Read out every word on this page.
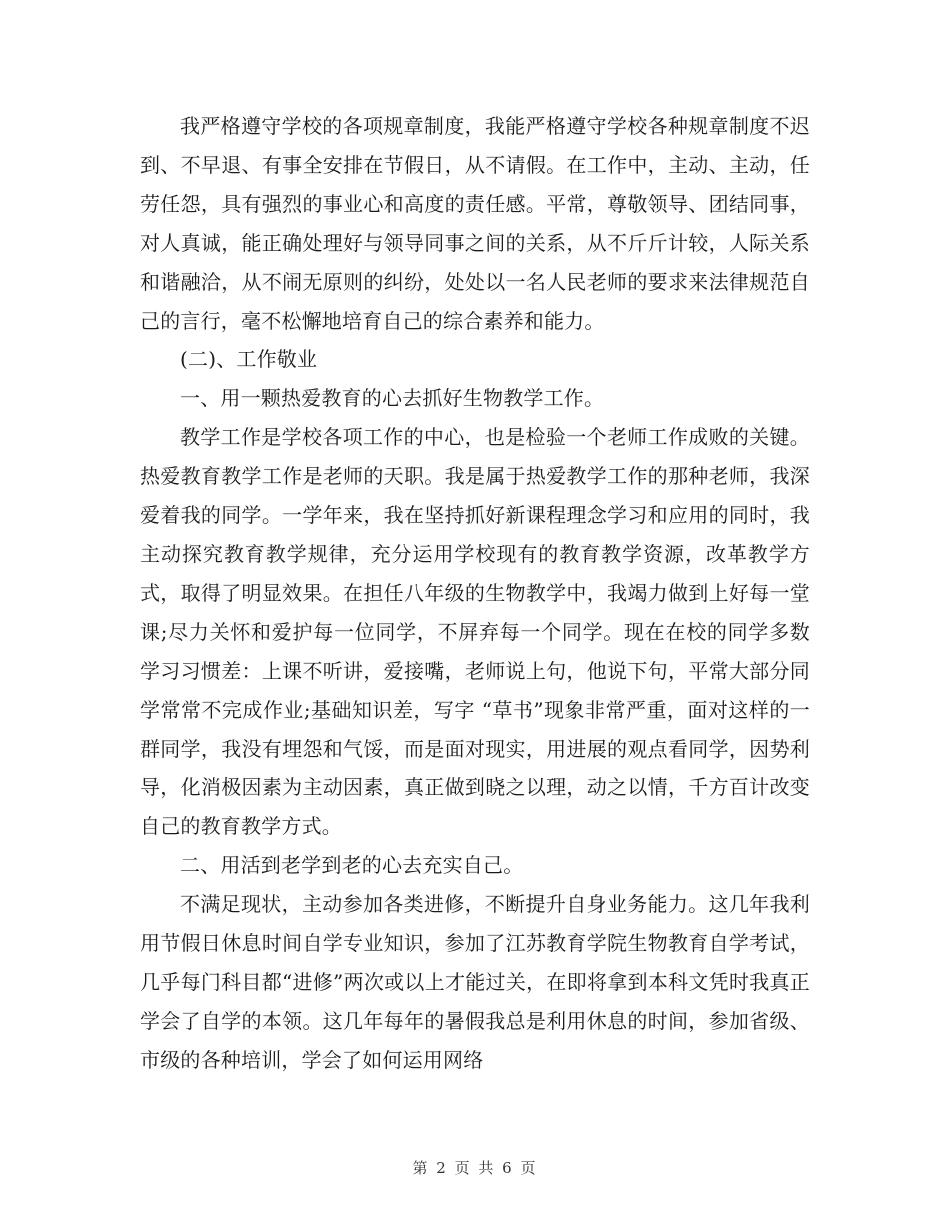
我严格遵守学校的各项规章制度，我能严格遵守学校各种规章制度不迟到、不早退、有事全安排在节假日，从不请假。在工作中，主动、主动，任劳任怨，具有强烈的事业心和高度的责任感。平常，尊敬领导、团结同事，对人真诚，能正确处理好与领导同事之间的关系，从不斤斤计较，人际关系和谐融洽，从不闹无原则的纠纷，处处以一名人民老师的要求来法律规范自己的言行，毫不松懈地培育自己的综合素养和能力。

(二)、工作敬业

一、用一颗热爱教育的心去抓好生物教学工作。

教学工作是学校各项工作的中心，也是检验一个老师工作成败的关键。热爱教育教学工作是老师的天职。我是属于热爱教学工作的那种老师，我深爱着我的同学。一学年来，我在坚持抓好新课程理念学习和应用的同时，我主动探究教育教学规律，充分运用学校现有的教育教学资源，改革教学方式，取得了明显效果。在担任八年级的生物教学中，我竭力做到上好每一堂课;尽力关怀和爱护每一位同学，不屏弃每一个同学。现在在校的同学多数学习习惯差：上课不听讲，爱接嘴，老师说上句，他说下句，平常大部分同学常常不完成作业;基础知识差，写字 “草书”现象非常严重，面对这样的一群同学，我没有埋怨和气馁，而是面对现实，用进展的观点看同学，因势利导，化消极因素为主动因素，真正做到晓之以理，动之以情，千方百计改变自己的教育教学方式。

二、用活到老学到老的心去充实自己。

不满足现状，主动参加各类进修，不断提升自身业务能力。这几年我利用节假日休息时间自学专业知识，参加了江苏教育学院生物教育自学考试，几乎每门科目都“进修”两次或以上才能过关，在即将拿到本科文凭时我真正学会了自学的本领。这几年每年的暑假我总是利用休息的时间，参加省级、市级的各种培训，学会了如何运用网络

第 2 页 共 6 页
